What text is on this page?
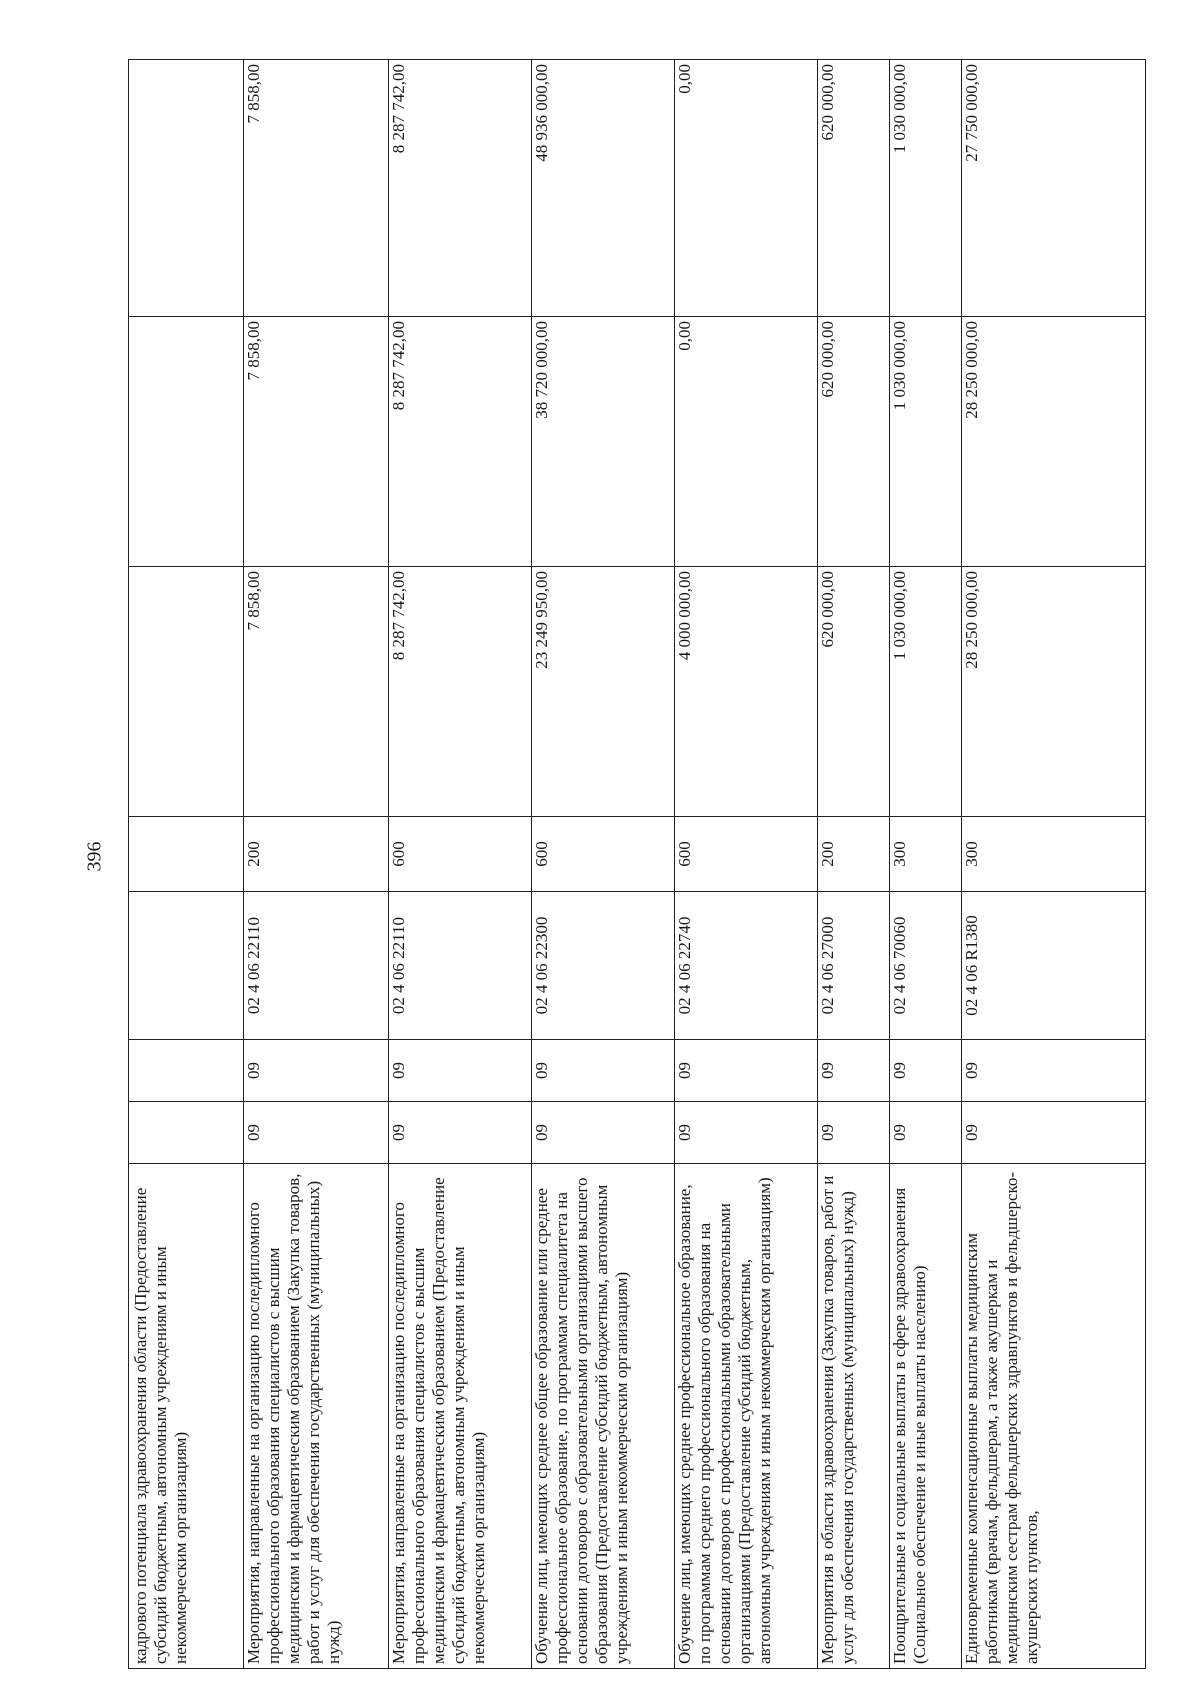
396
кадрового потенциала здравоохранения области (Предоставление субсидий бюджетным, автономным учреждениям и иным некоммерческим организациям)							
Мероприятия, направленные на организацию последипломного профессионального образования специалистов с высшим медицинским и фармацевтическим образованием (Закупка товаров, работ и услуг для обеспечения государственных (муниципальных) нужд)	09	09	02 4 06 22110	200	7 858,00	7 858,00	7 858,00
Мероприятия, направленные на организацию последипломного профессионального образования специалистов с высшим медицинским и фармацевтическим образованием (Предоставление субсидий бюджетным, автономным учреждениям и иным некоммерческим организациям)	09	09	02 4 06 22110	600	8 287 742,00	8 287 742,00	8 287 742,00
Обучение лиц, имеющих среднее общее образование или среднее профессиональное образование, по программам специалитета на основании договоров с образовательными организациями высшего образования (Предоставление субсидий бюджетным, автономным учреждениям и иным некоммерческим организациям)	09	09	02 4 06 22300	600	23 249 950,00	38 720 000,00	48 936 000,00
Обучение лиц, имеющих среднее профессиональное образование, по программам среднего профессионального образования на основании договоров с профессиональными образовательными организациями (Предоставление субсидий бюджетным, автономным учреждениям и иным некоммерческим организациям)	09	09	02 4 06 22740	600	4 000 000,00	0,00	0,00
Мероприятия в области здравоохранения (Закупка товаров, работ и услуг для обеспечения государственных (муниципальных) нужд)	09	09	02 4 06 27000	200	620 000,00	620 000,00	620 000,00
Поощрительные и социальные выплаты в сфере здравоохранения (Социальное обеспечение и иные выплаты населению)	09	09	02 4 06 70060	300	1 030 000,00	1 030 000,00	1 030 000,00
Единовременные компенсационные выплаты медицинским работникам (врачам, фельдшерам, а также акушеркам и медицинским сестрам фельдшерских здравпунктов и фельдшерско-акушерских пунктов,	09	09	02 4 06 R1380	300	28 250 000,00	28 250 000,00	27 750 000,00
